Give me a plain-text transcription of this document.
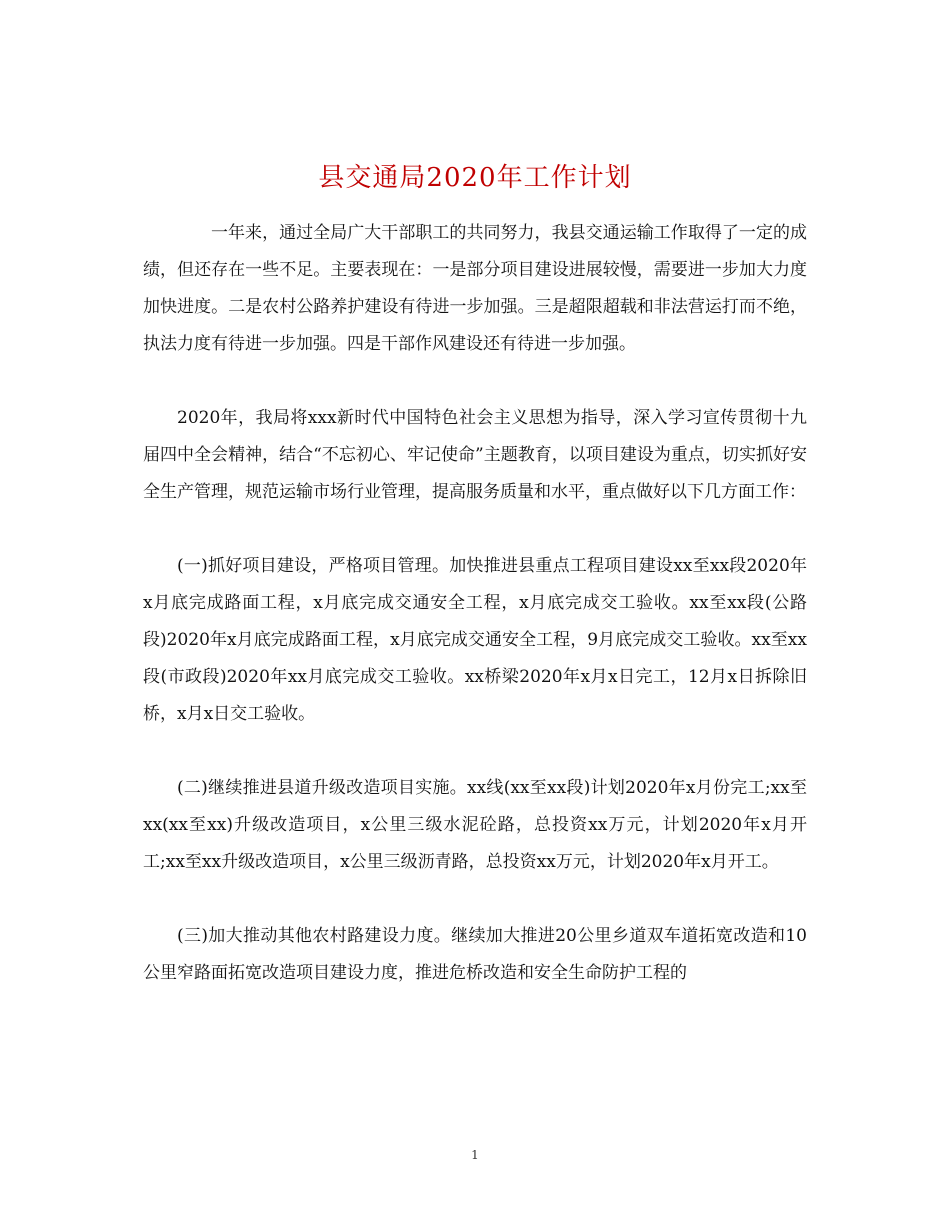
县交通局2020年工作计划

一年来，通过全局广大干部职工的共同努力，我县交通运输工作取得了一定的成绩，但还存在一些不足。主要表现在：一是部分项目建设进展较慢，需要进一步加大力度加快进度。二是农村公路养护建设有待进一步加强。三是超限超载和非法营运打而不绝，执法力度有待进一步加强。四是干部作风建设还有待进一步加强。

2020年，我局将xxx新时代中国特色社会主义思想为指导，深入学习宣传贯彻十九届四中全会精神，结合“不忘初心、牢记使命”主题教育，以项目建设为重点，切实抓好安全生产管理，规范运输市场行业管理，提高服务质量和水平，重点做好以下几方面工作：

(一)抓好项目建设，严格项目管理。加快推进县重点工程项目建设xx至xx段2020年x月底完成路面工程，x月底完成交通安全工程，x月底完成交工验收。xx至xx段(公路段)2020年x月底完成路面工程，x月底完成交通安全工程，9月底完成交工验收。xx至xx段(市政段)2020年xx月底完成交工验收。xx桥梁2020年x月x日完工，12月x日拆除旧桥，x月x日交工验收。

(二)继续推进县道升级改造项目实施。xx线(xx至xx段)计划2020年x月份完工;xx至xx(xx至xx)升级改造项目，x公里三级水泥砼路，总投资xx万元，计划2020年x月开工;xx至xx升级改造项目，x公里三级沥青路，总投资xx万元，计划2020年x月开工。

(三)加大推动其他农村路建设力度。继续加大推进20公里乡道双车道拓宽改造和10公里窄路面拓宽改造项目建设力度，推进危桥改造和安全生命防护工程的

1
